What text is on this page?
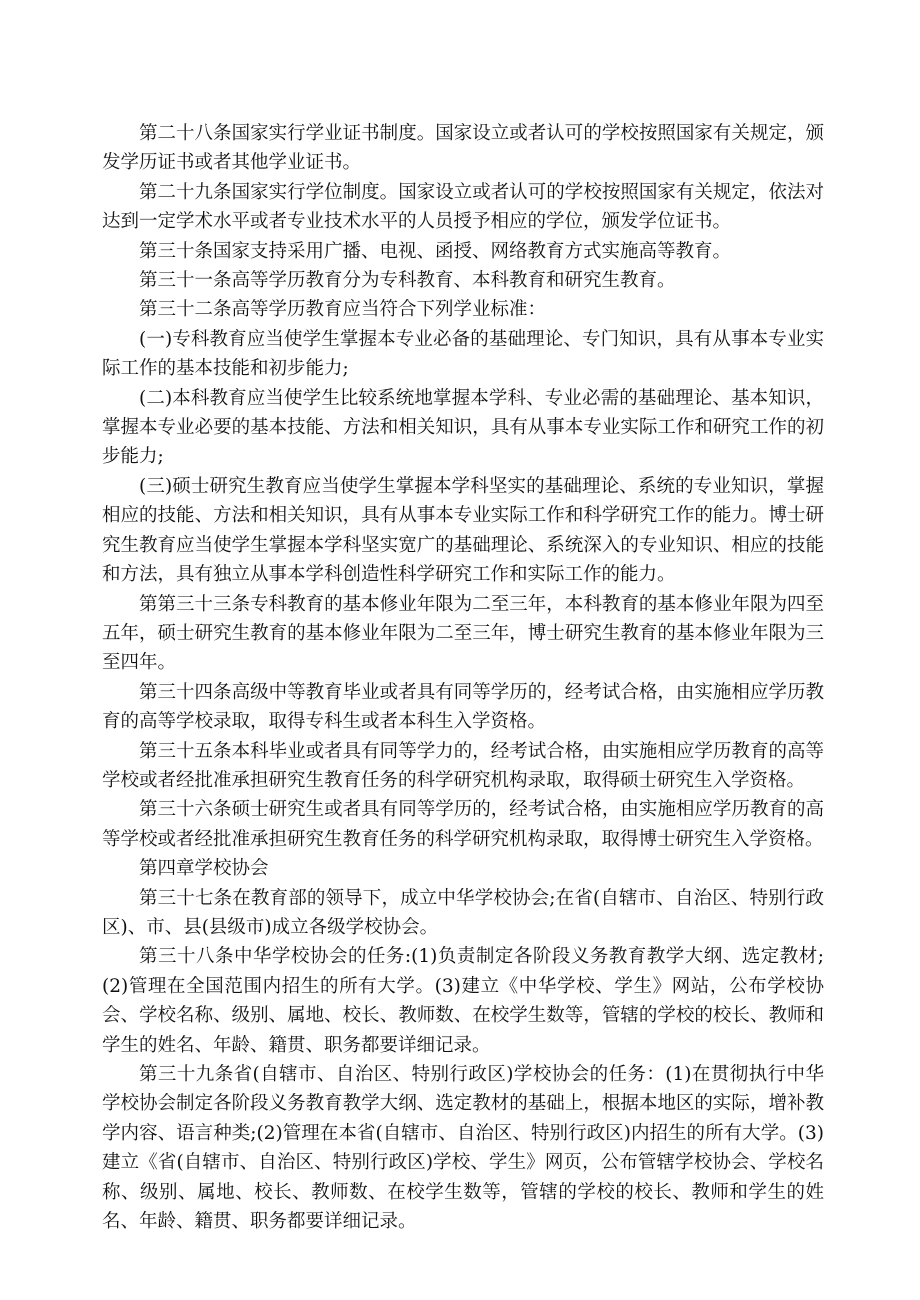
第二十八条国家实行学业证书制度。国家设立或者认可的学校按照国家有关规定，颁发学历证书或者其他学业证书。

第二十九条国家实行学位制度。国家设立或者认可的学校按照国家有关规定，依法对达到一定学术水平或者专业技术水平的人员授予相应的学位，颁发学位证书。

第三十条国家支持采用广播、电视、函授、网络教育方式实施高等教育。

第三十一条高等学历教育分为专科教育、本科教育和研究生教育。

第三十二条高等学历教育应当符合下列学业标准：

(一)专科教育应当使学生掌握本专业必备的基础理论、专门知识，具有从事本专业实际工作的基本技能和初步能力;

(二)本科教育应当使学生比较系统地掌握本学科、专业必需的基础理论、基本知识，掌握本专业必要的基本技能、方法和相关知识，具有从事本专业实际工作和研究工作的初步能力;

(三)硕士研究生教育应当使学生掌握本学科坚实的基础理论、系统的专业知识，掌握相应的技能、方法和相关知识，具有从事本专业实际工作和科学研究工作的能力。博士研究生教育应当使学生掌握本学科坚实宽广的基础理论、系统深入的专业知识、相应的技能和方法，具有独立从事本学科创造性科学研究工作和实际工作的能力。

第第三十三条专科教育的基本修业年限为二至三年，本科教育的基本修业年限为四至五年，硕士研究生教育的基本修业年限为二至三年，博士研究生教育的基本修业年限为三至四年。

第三十四条高级中等教育毕业或者具有同等学历的，经考试合格，由实施相应学历教育的高等学校录取，取得专科生或者本科生入学资格。

第三十五条本科毕业或者具有同等学力的，经考试合格，由实施相应学历教育的高等学校或者经批准承担研究生教育任务的科学研究机构录取，取得硕士研究生入学资格。

第三十六条硕士研究生或者具有同等学历的，经考试合格，由实施相应学历教育的高等学校或者经批准承担研究生教育任务的科学研究机构录取，取得博士研究生入学资格。

第四章学校协会

第三十七条在教育部的领导下，成立中华学校协会;在省(自辖市、自治区、特别行政区)、市、县(县级市)成立各级学校协会。

第三十八条中华学校协会的任务:(1)负责制定各阶段义务教育教学大纲、选定教材;(2)管理在全国范围内招生的所有大学。(3)建立《中华学校、学生》网站，公布学校协会、学校名称、级别、属地、校长、教师数、在校学生数等，管辖的学校的校长、教师和学生的姓名、年龄、籍贯、职务都要详细记录。

第三十九条省(自辖市、自治区、特别行政区)学校协会的任务：(1)在贯彻执行中华学校协会制定各阶段义务教育教学大纲、选定教材的基础上，根据本地区的实际，增补教学内容、语言种类;(2)管理在本省(自辖市、自治区、特别行政区)内招生的所有大学。(3)建立《省(自辖市、自治区、特别行政区)学校、学生》网页，公布管辖学校协会、学校名称、级别、属地、校长、教师数、在校学生数等，管辖的学校的校长、教师和学生的姓名、年龄、籍贯、职务都要详细记录。
